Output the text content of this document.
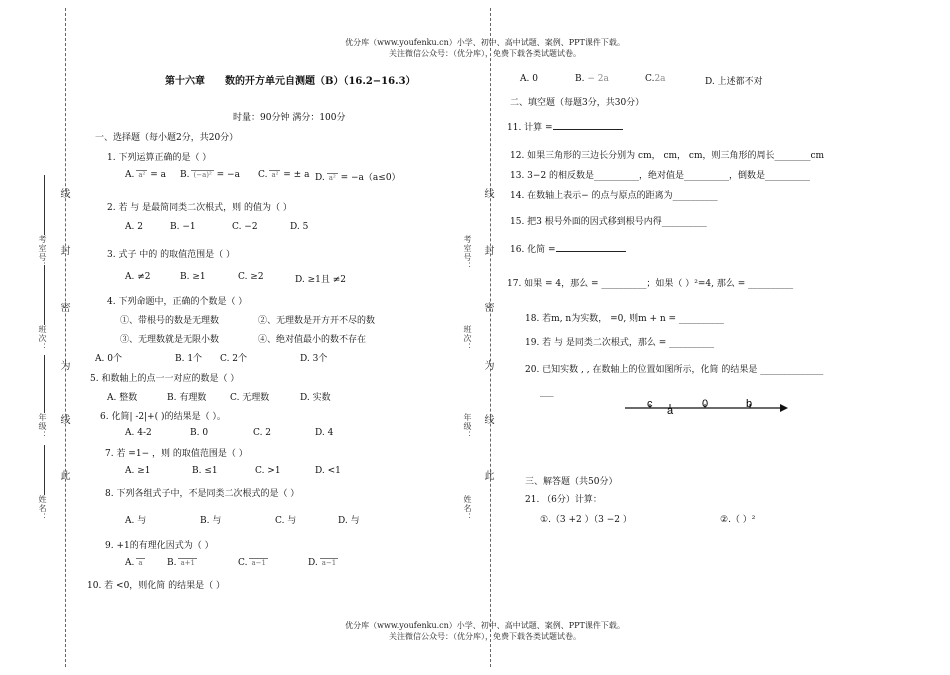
优分库（www.youfenku.cn）小学、初中、高中试题、案例、PPT课件下载。
关注微信公众号：（优分库），免费下载各类试题试卷。
优分库（www.youfenku.cn）小学、初中、高中试题、案例、PPT课件下载。
关注微信公众号：（优分库），免费下载各类试题试卷。
考室号：
班次：
年级：
姓名：
线
封
密
为
线
此
考室号：
班次：
年级：
姓名：
线
封
密
为
线
此
第十六章　　数的开方单元自测题（B）（16.2−16.3）
时量：90分钟 满分：100分
一、选择题（每小题2分，共20分）
1. 下列运算正确的是（ ）
A. a² = a B. (−a)² = −a C. a² = ± a D. a² = −a（a≤0）
2. 若 与 是最简同类二次根式，则 的值为（ ）
A. 2	B. −1	C. −2	D. 5
3. 式子 中的 的取值范围是（ ）
A. ≠2	B. ≥1	C. ≥2	D. ≥1且 ≠2
4. 下列命题中，正确的个数是（ ）
①、带根号的数是无理数	②、无理数是开方开不尽的数
③、无理数就是无限小数	④、绝对值最小的数不存在
A. 0个	B. 1个 C. 2个	D. 3个
5. 和数轴上的点一一对应的数是（ ）
A. 整数	B. 有理数	C. 无理数	D. 实数
6. 化简| -2|+( )的结果是（ ）。
A. 4-2	B. 0	C. 2	D. 4
7. 若 =1− ，则 的取值范围是（ ）
A. ≥1	B. ≤1	C. >1	D. <1
8. 下列各组式子中，不是同类二次根式的是（ ）
A. 与	B. 与	C. 与	D. 与
9. +1的有理化因式为（ ）
A. a	B. a+1	C. a−1	D. a−1
10. 若 <0，则化简 的结果是（ ）
A. 0	B. − 2a	C.2a	D. 上述都不对
二、填空题（每题3分，共30分）
11. 计算 =
12. 如果三角形的三边长分别为 cm， cm， cm，则三角形的周长________cm
13. 3−2 的相反数是__________，绝对值是__________，倒数是__________
14. 在数轴上表示− 的点与原点的距离为__________
15. 把3 根号外面的因式移到根号内得__________
16. 化简 =
17. 如果 = 4，那么 = __________；如果（ ）²=4, 那么 = __________
18. 若m, n为实数， =0, 则m + n = __________
19. 若 与 是同类二次根式，那么 = __________
20. 已知实数 , , 在数轴上的位置如图所示，化简 的结果是 ______________
___
c
a
0	b
三、解答题（共50分）
21. （6分）计算：
①.（3 +2 ）（3 −2 ）	②.（ ）²
